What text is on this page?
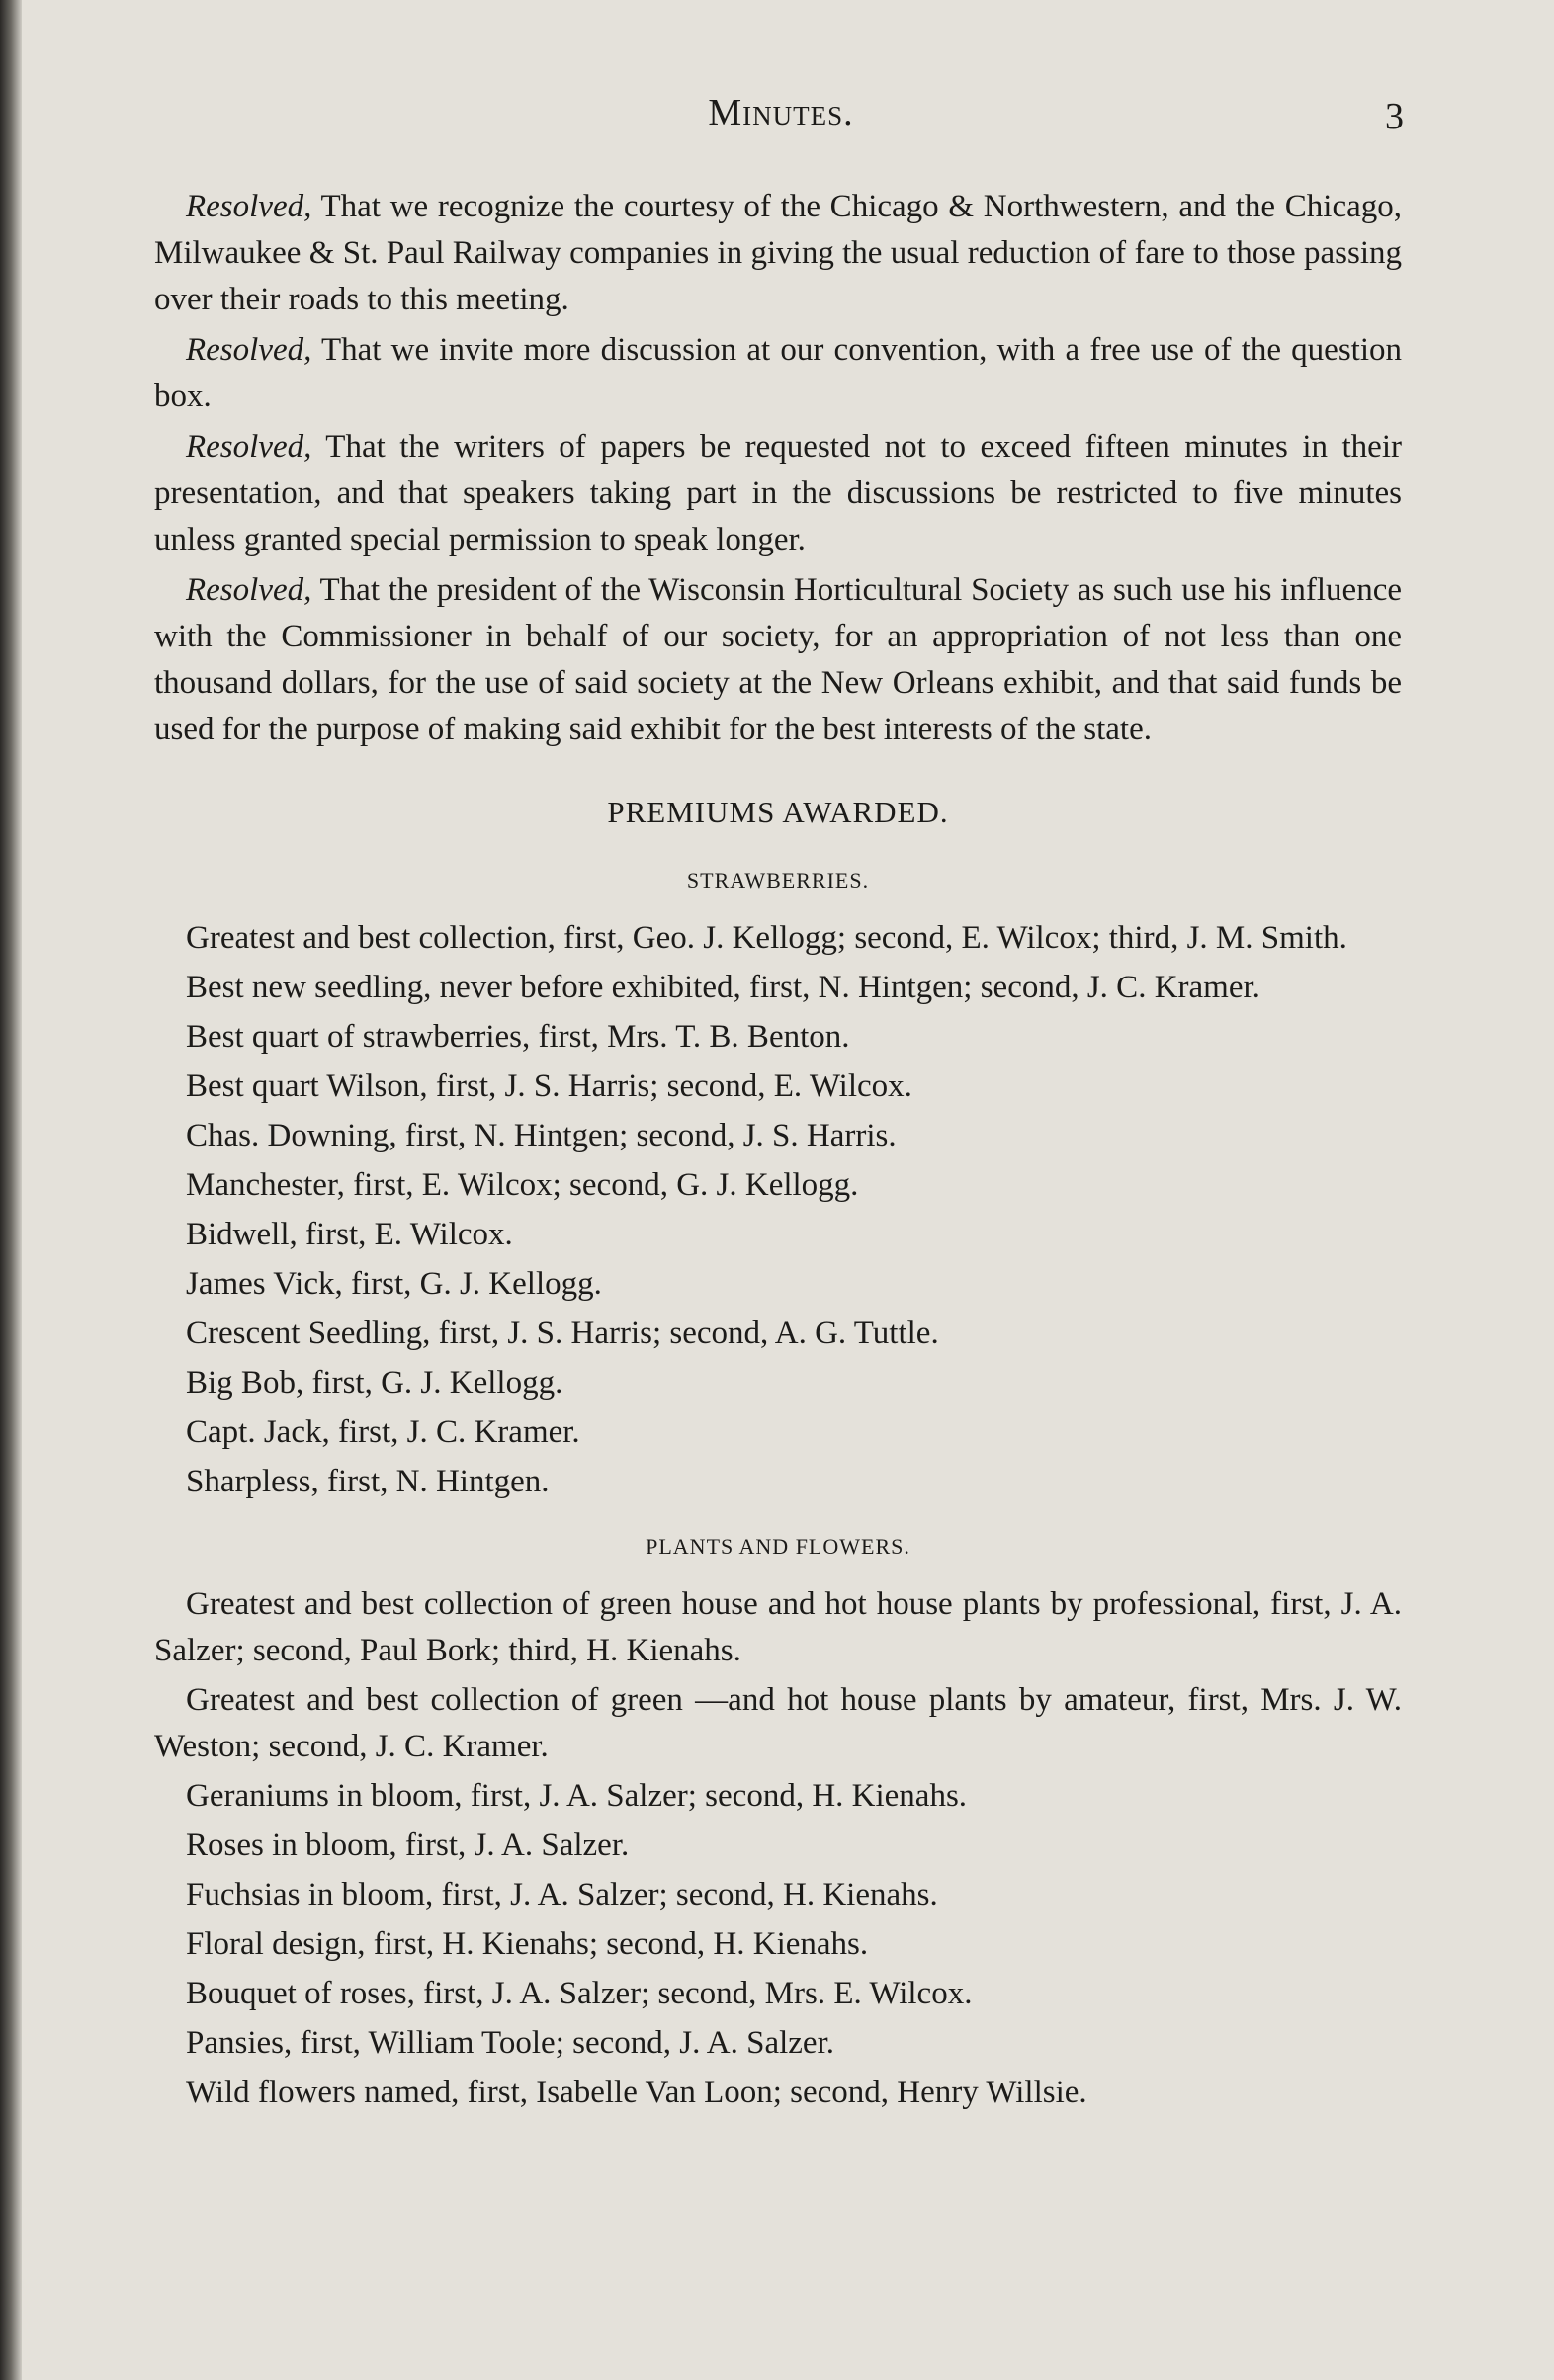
Minutes.	3

Resolved, That we recognize the courtesy of the Chicago & Northwestern, and the Chicago, Milwaukee & St. Paul Railway companies in giving the usual reduction of fare to those passing over their roads to this meeting.

Resolved, That we invite more discussion at our convention, with a free use of the question box.

Resolved, That the writers of papers be requested not to exceed fifteen minutes in their presentation, and that speakers taking part in the discussions be restricted to five minutes unless granted special permission to speak longer.

Resolved, That the president of the Wisconsin Horticultural Society as such use his influence with the Commissioner in behalf of our society, for an appropriation of not less than one thousand dollars, for the use of said society at the New Orleans exhibit, and that said funds be used for the purpose of making said exhibit for the best interests of the state.

PREMIUMS AWARDED.
STRAWBERRIES.

Greatest and best collection, first, Geo. J. Kellogg; second, E. Wilcox; third, J. M. Smith.

Best new seedling, never before exhibited, first, N. Hintgen; second, J. C. Kramer.

Best quart of strawberries, first, Mrs. T. B. Benton.

Best quart Wilson, first, J. S. Harris; second, E. Wilcox.

Chas. Downing, first, N. Hintgen; second, J. S. Harris.

Manchester, first, E. Wilcox; second, G. J. Kellogg.

Bidwell, first, E. Wilcox.

James Vick, first, G. J. Kellogg.

Crescent Seedling, first, J. S. Harris; second, A. G. Tuttle.

Big Bob, first, G. J. Kellogg.

Capt. Jack, first, J. C. Kramer.

Sharpless, first, N. Hintgen.

PLANTS AND FLOWERS.

Greatest and best collection of green house and hot house plants by professional, first, J. A. Salzer; second, Paul Bork; third, H. Kienahs.

Greatest and best collection of green —and hot house plants by amateur, first, Mrs. J. W. Weston; second, J. C. Kramer.

Geraniums in bloom, first, J. A. Salzer; second, H. Kienahs.

Roses in bloom, first, J. A. Salzer.

Fuchsias in bloom, first, J. A. Salzer; second, H. Kienahs.

Floral design, first, H. Kienahs; second, H. Kienahs.

Bouquet of roses, first, J. A. Salzer; second, Mrs. E. Wilcox.

Pansies, first, William Toole; second, J. A. Salzer.

Wild flowers named, first, Isabelle Van Loon; second, Henry Willsie.
